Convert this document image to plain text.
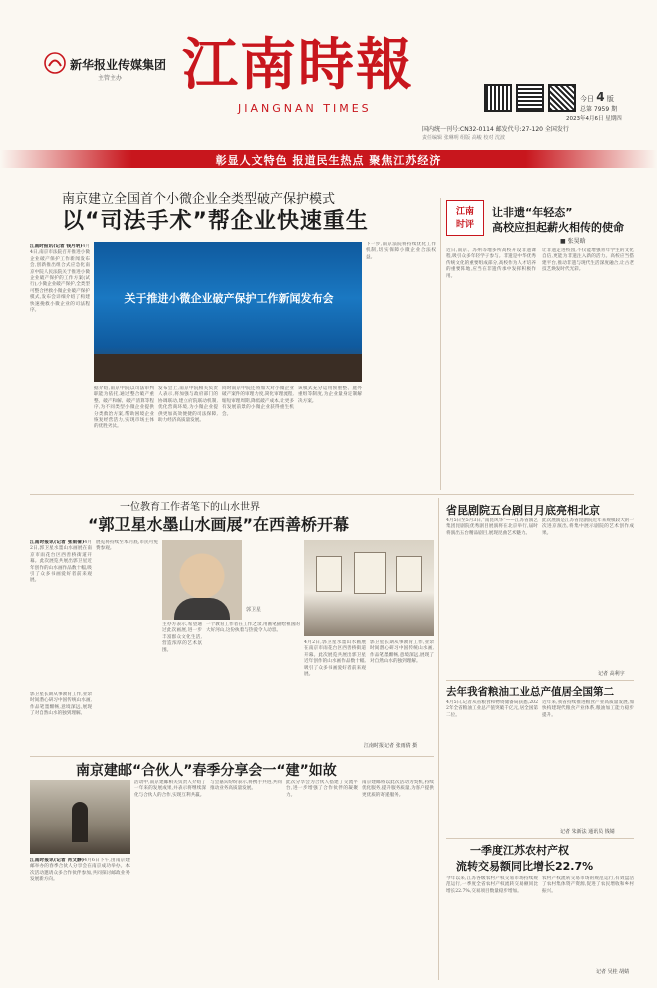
新华报业传媒集团
主管主办 江南時報
JIANGNAN TIMES
今日 4 版
总第 7959 期
2023年4月6日 星期四
国内统一刊号:CN32-0114 邮发代号:27-120 全国发行
责任编辑 张琳明 组版 高峻 校对 沈波
彰显人文特色 报道民生热点 聚焦江苏经济
南京建立全国首个小微企业全类型破产保护模式
以“司法手术”帮企业快速重生
江南时报讯(记者 钱月明)4月4日,南京市法院召开推进小微企业破产保护工作新闻发布会,创新推出组合式应急化南京中院人民法院关于推进小微企业破产保护的工作方案(试行),小微企业破产保护,全类型可整合拯救小微企业破产保护模式,发布会详细介绍了构建快速挽救小微企业的司法程序。
关于推进小微企业破产保护工作新闻发布会
据介绍,南京中院以司法审判职能为依托,通过整合破产重整、破产和解、破产清算等程序,为不同类型小微企业提供分类救治方案,帮助困境企业恢复经营活力,实现市场主体的优胜劣汰。
发布会上,南京中院相关负责人表示,将加强与政府部门的协调联动,建立府院联动机制,优化营商环境,为小微企业提供更加高效便捷的司法保障,助力经济高质量发展。
同时南京中院还将加大对小微企业破产案件的审理力度,简化审理流程,缩短审理周期,降低破产成本,让更多有发展前景的小微企业获得重生机会。
该模式充分运用预重整、庭外重组等制度,为企业量身定制解决方案。
下一步,南京法院将持续优化工作机制,切实保障小微企业合法权益。
江南
时评
让非遗“年轻态”
高校应担起薪火相传的使命
■ 张昊晗
近日,南京、苏州等地多所高校开设非遗课程,吸引众多年轻学子参与。非遗是中华优秀传统文化的重要组成部分,高校作为人才培养的重要阵地,应当在非遗传承中发挥积极作用。
让非遗走进校园,不仅能增强青年学生的文化自信,更能为非遗注入新的活力。高校应当搭建平台,推动非遗与现代生活深度融合,让古老技艺焕发时代光彩。
一位教育工作者笔下的山水世界
“郭卫星水墨山水画展”在西善桥开幕
江南时报讯(记者 张雨倩)4月2日,郭卫星水墨山水画展在南京市雨花台区西善桥街道开幕。此次展览共展出郭卫星近年创作的山水画作品数十幅,吸引了众多书画爱好者前来观展。
郭卫星长期从事教育工作,业余时间潜心研习中国传统山水画,作品笔墨酣畅,意境深远,展现了对自然山水的独到理解。
展览将持续至本月底,市民可免费参观。
主办方表示,希望通过此次画展,进一步丰富群众文化生活,营造浓厚的艺术氛围。
一个教育工作者在工作之余,用画笔描绘祖国的大好河山,这份执着与热爱令人动容。
郭卫星
4月2日,郭卫星水墨山水画展在南京市雨花台区西善桥街道开幕。此次展览共展出郭卫星近年创作的山水画作品数十幅,吸引了众多书画爱好者前来观展。
郭卫星长期从事教育工作,业余时间潜心研习中国传统山水画,作品笔墨酣畅,意境深远,展现了对自然山水的独到理解。
江南时报记者 张雨倩 摄
南京建邮“合伙人”春季分享会一“建”如故
江南时报讯(记者 肖文静)4月6日下午,由南京建邮举办的春季合伙人分享会在南京成功举办。本次活动邀请众多合作伙伴参加,共同探讨邮政业务发展新方向。
活动中,南京建邮相关负责人介绍了一年来的发展成果,并表示将继续深化与合伙人的合作,实现互利共赢。
与会嘉宾纷纷表示,将携手共进,共同推动业务高质量发展。
此次分享会为合伙人搭建了交流平台,进一步增强了合作伙伴的凝聚力。
南京建邮将以此次活动为契机,持续优化服务,提升服务质量,为客户提供更优质的寄递服务。
省昆剧院五台剧目月底亮相北京
4月5日至5月3日,“南昆风华”——江苏省演艺集团昆剧院优秀剧目展演将在北京举行,届时将演出五台精品剧目,展现昆曲艺术魅力。
此次展演是江苏省昆剧院近年来规模较大的一次进京演出,将集中展示剧院的艺术创作成果。
记者 高利宇
去年我省粮油工业总产值居全国第二
4月5日,记者从省粮食和物资储备局获悉,2022年全省粮油工业总产值突破千亿元,居全国第二位。
近年来,我省持续推进粮食产业高质量发展,加快构建现代粮食产业体系,粮油加工能力稳步提升。
记者 朱新法 通讯员 钱婧
一季度江苏农村产权
流转交易额同比增长22.7%
今年以来,江苏各级农村产权交易市场持续规范运行,一季度全省农村产权流转交易额同比增长22.7%,交易项目数量稳步增加。
农村产权流转交易市场的规范运行,有效盘活了农村集体资产资源,促进了农民增收和乡村振兴。
记者 吴桂 胡婧
